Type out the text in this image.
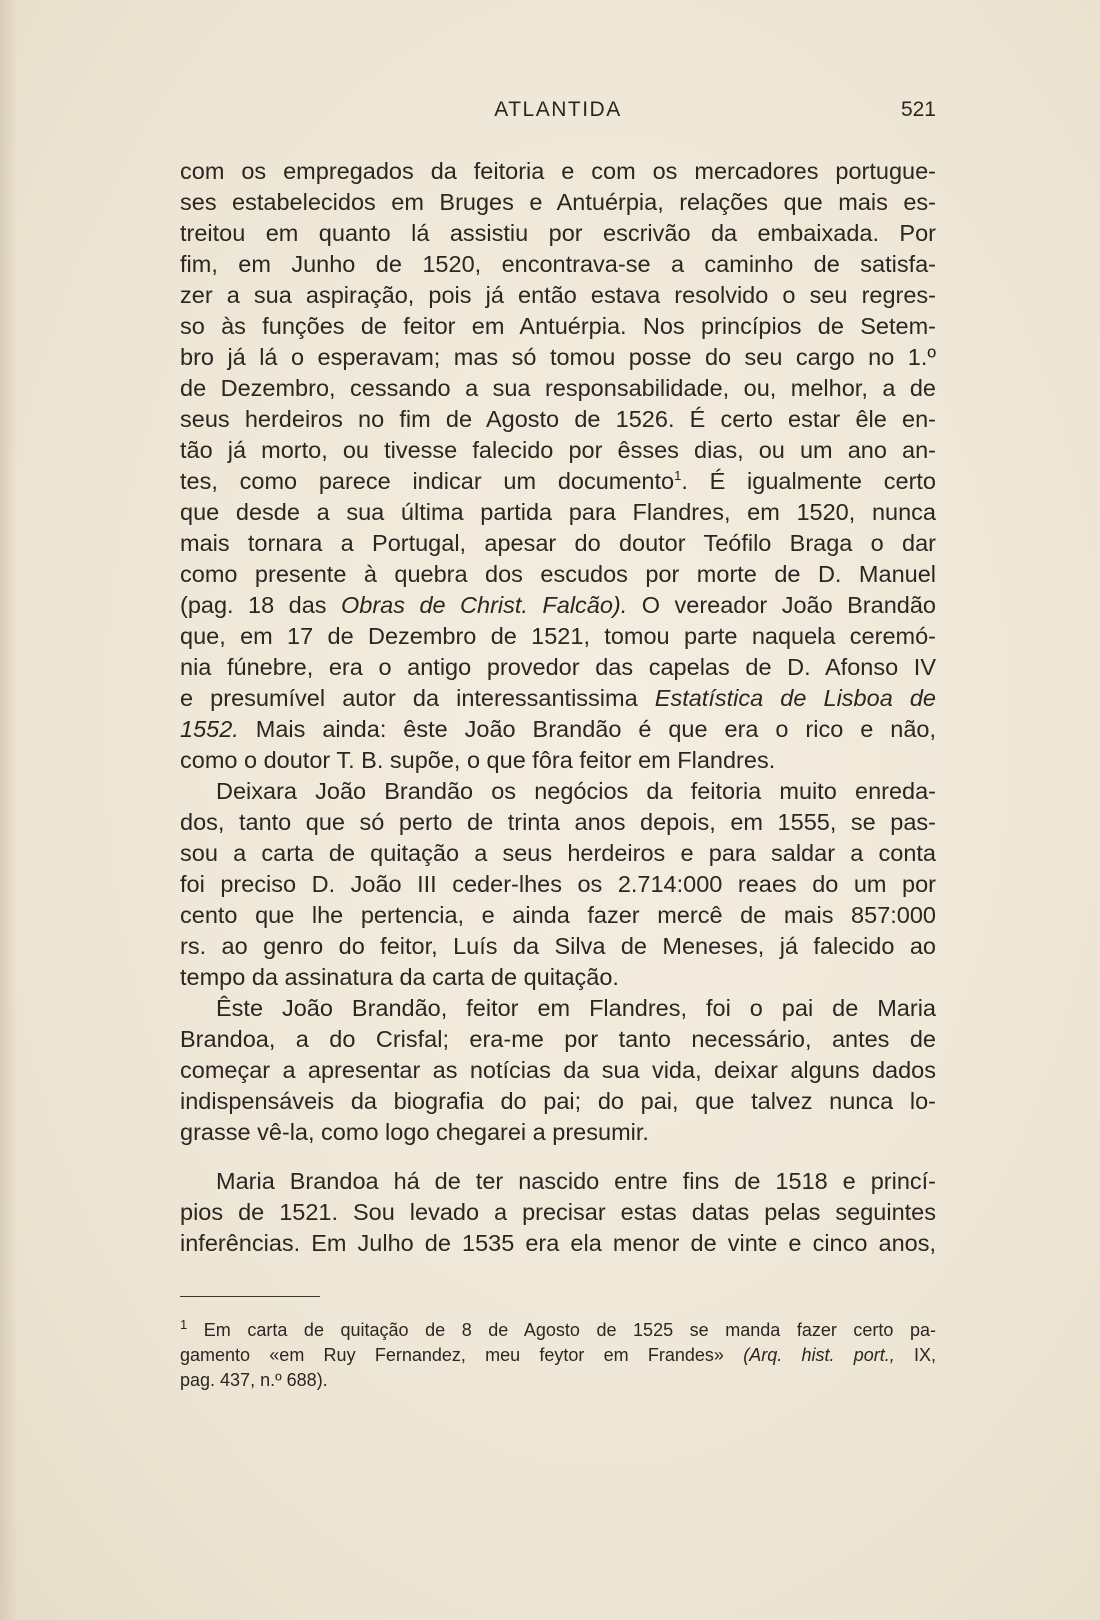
ATLANTIDA	521
com os empregados da feitoria e com os mercadores portugue-
ses estabelecidos em Bruges e Antuérpia, relações que mais es-
treitou em quanto lá assistiu por escrivão da embaixada. Por
fim, em Junho de 1520, encontrava-se a caminho de satisfa-
zer a sua aspiração, pois já então estava resolvido o seu regres-
so às funções de feitor em Antuérpia. Nos princípios de Setem-
bro já lá o esperavam; mas só tomou posse do seu cargo no 1.º
de Dezembro, cessando a sua responsabilidade, ou, melhor, a de
seus herdeiros no fim de Agosto de 1526. É certo estar êle en-
tão já morto, ou tivesse falecido por êsses dias, ou um ano an-
tes, como parece indicar um documento$^1$. É igualmente certo
que desde a sua última partida para Flandres, em 1520, nunca
mais tornara a Portugal, apesar do doutor Teófilo Braga o dar
como presente à quebra dos escudos por morte de D. Manuel
(pag. 18 das Obras de Christ. Falcão). O vereador João Brandão
que, em 17 de Dezembro de 1521, tomou parte naquela ceremó-
nia fúnebre, era o antigo provedor das capelas de D. Afonso IV
e presumível autor da interessantissima Estatística de Lisboa de
1552. Mais ainda: êste João Brandão é que era o rico e não,
como o doutor T. B. supõe, o que fôra feitor em Flandres.
Deixara João Brandão os negócios da feitoria muito enreda-
dos, tanto que só perto de trinta anos depois, em 1555, se pas-
sou a carta de quitação a seus herdeiros e para saldar a conta
foi preciso D. João III ceder-lhes os 2.714:000 reaes do um por
cento que lhe pertencia, e ainda fazer mercê de mais 857:000
rs. ao genro do feitor, Luís da Silva de Meneses, já falecido ao
tempo da assinatura da carta de quitação.
Êste João Brandão, feitor em Flandres, foi o pai de Maria
Brandoa, a do Crisfal; era-me por tanto necessário, antes de
começar a apresentar as notícias da sua vida, deixar alguns dados
indispensáveis da biografia do pai; do pai, que talvez nunca lo-
grasse vê-la, como logo chegarei a presumir.
Maria Brandoa há de ter nascido entre fins de 1518 e princí-
pios de 1521. Sou levado a precisar estas datas pelas seguintes
inferências. Em Julho de 1535 era ela menor de vinte e cinco anos,
$^1$ Em carta de quitação de 8 de Agosto de 1525 se manda fazer certo pa-
gamento «em Ruy Fernandez, meu feytor em Frandes» (Arq. hist. port., IX,
pag. 437, n.º 688).
